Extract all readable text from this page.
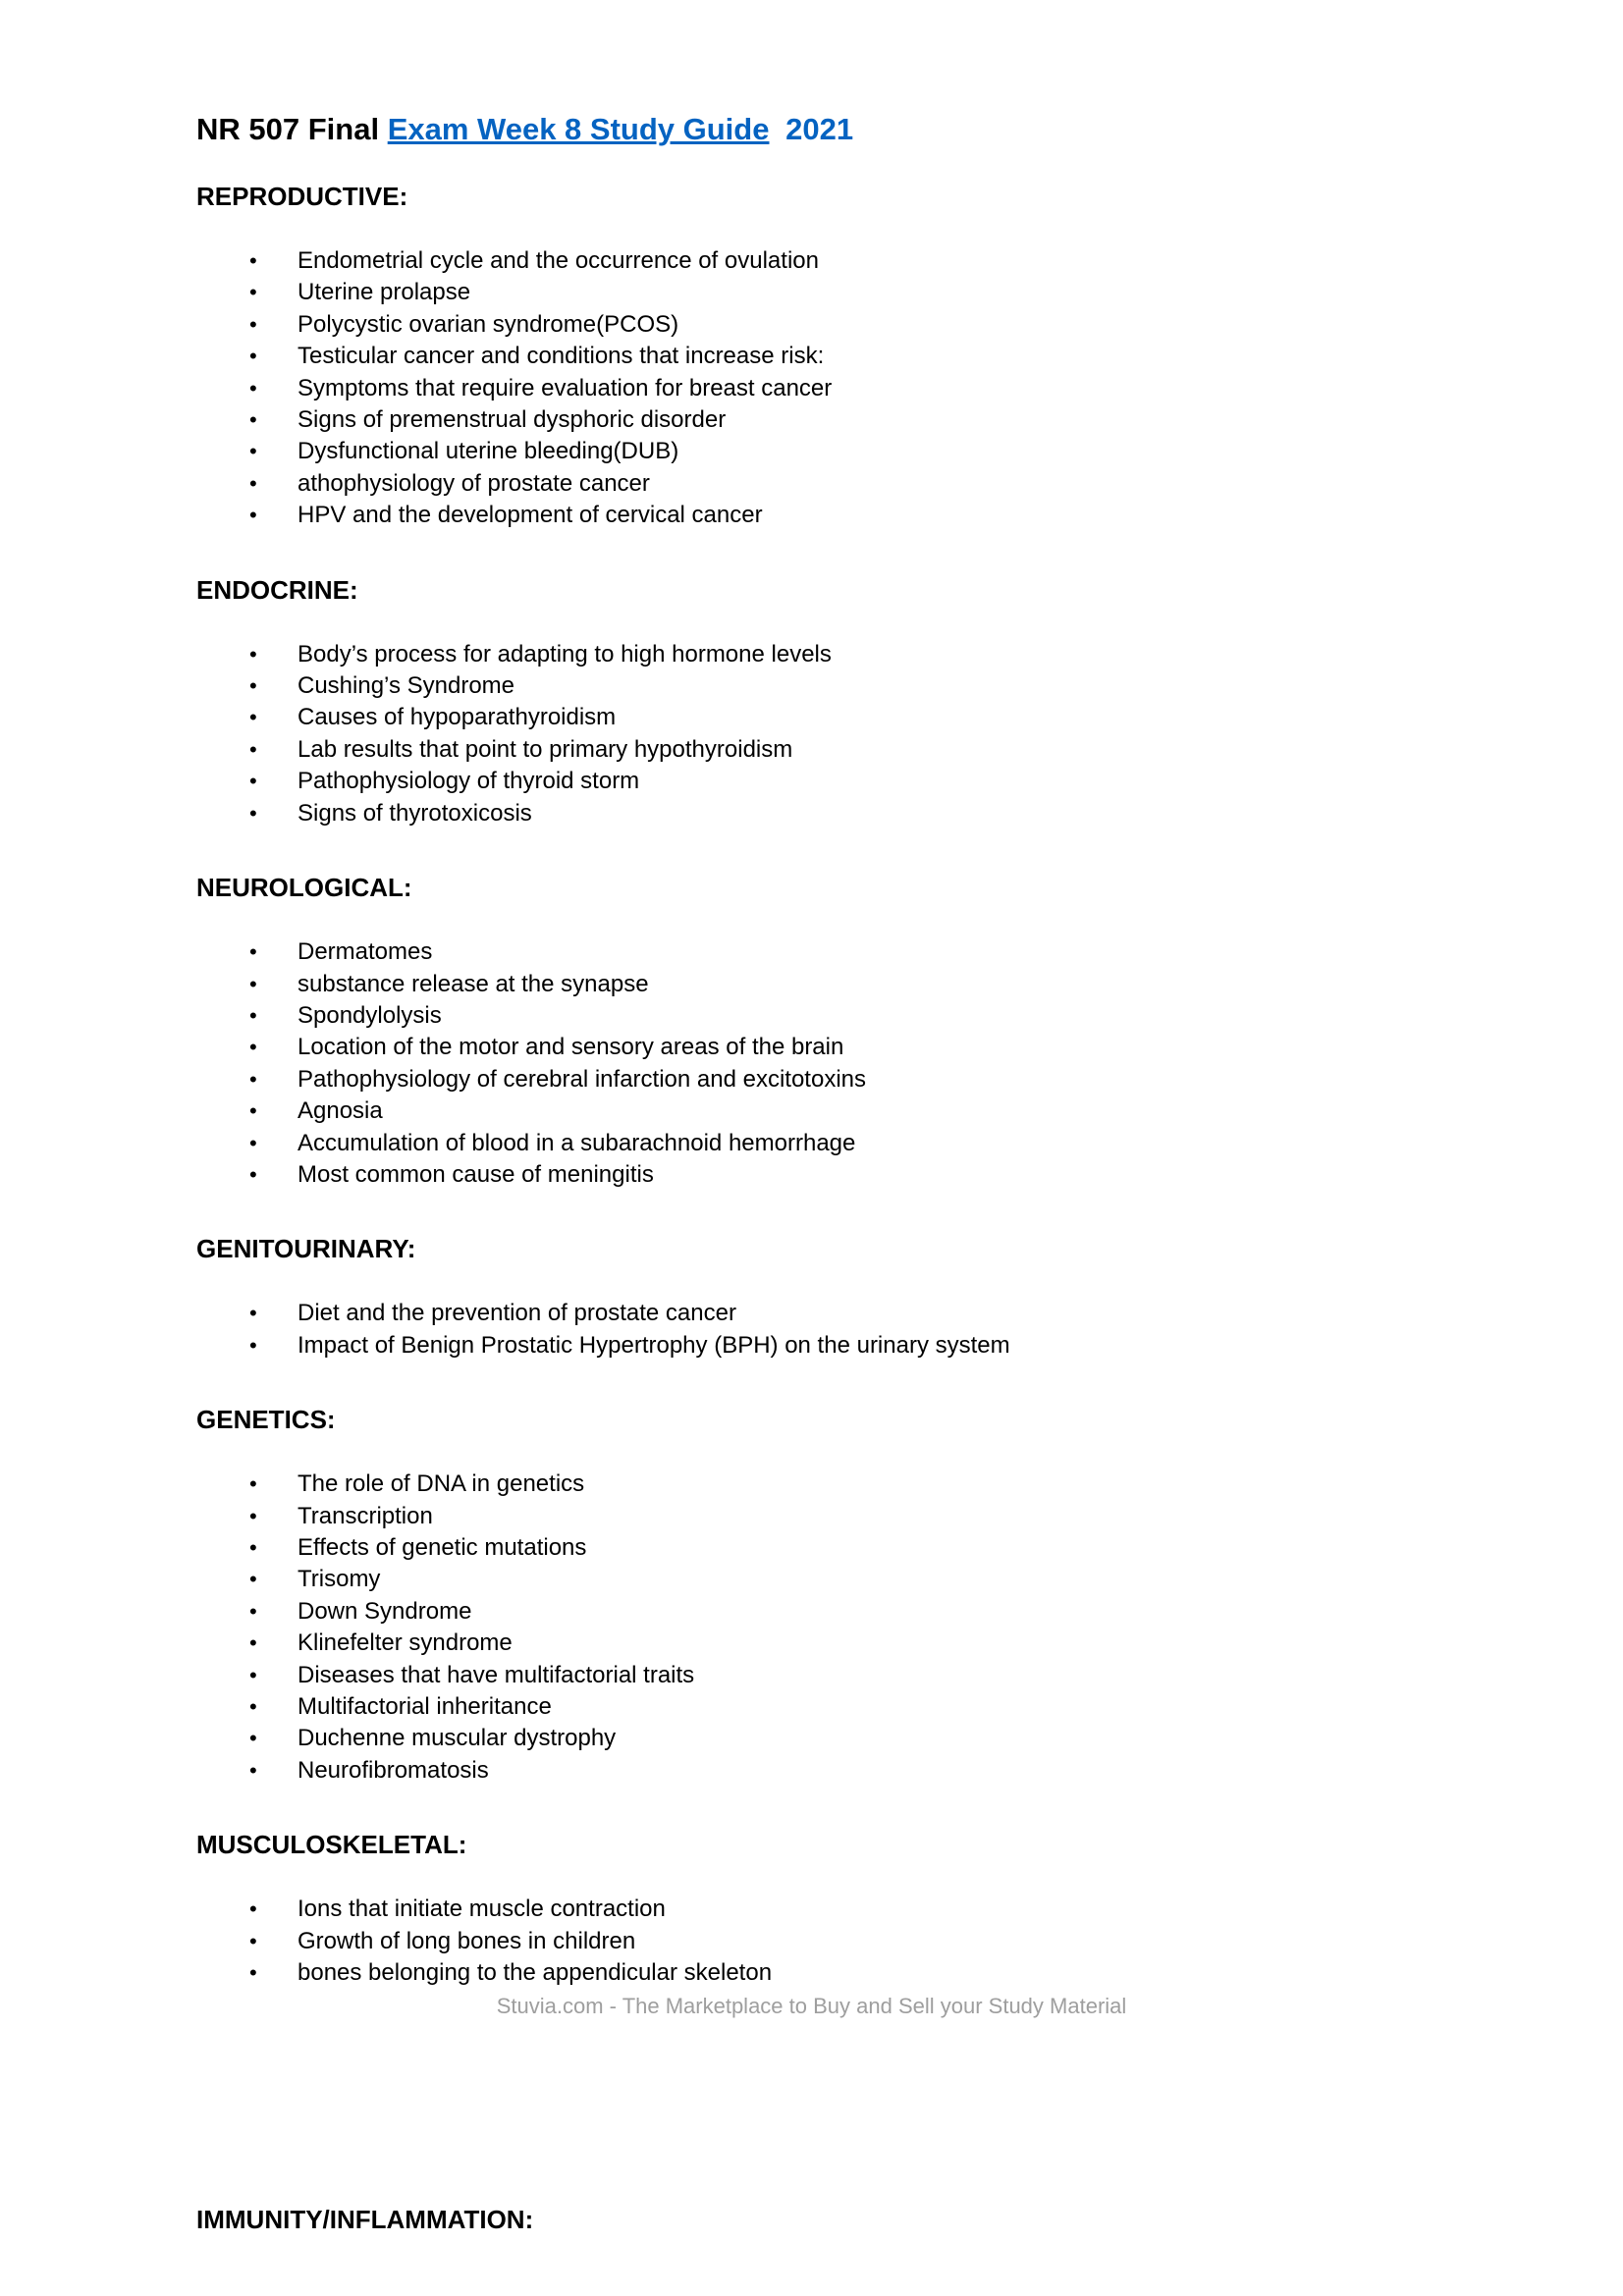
NR 507 Final Exam Week 8 Study Guide 2021
REPRODUCTIVE:
•
Endometrial cycle and the occurrence of ovulation
•
Uterine prolapse
•
Polycystic ovarian syndrome(PCOS)
•
Testicular cancer and conditions that increase risk:
•
Symptoms that require evaluation for breast cancer
•
Signs of premenstrual dysphoric disorder
•
Dysfunctional uterine bleeding(DUB)
•
athophysiology of prostate cancer
•
HPV and the development of cervical cancer
ENDOCRINE:
•
Body’s process for adapting to high hormone levels
•
Cushing’s Syndrome
•
Causes of hypoparathyroidism
•
Lab results that point to primary hypothyroidism
•
Pathophysiology of thyroid storm
•
Signs of thyrotoxicosis
NEUROLOGICAL:
•
Dermatomes
•
substance release at the synapse
•
Spondylolysis
•
Location of the motor and sensory areas of the brain
•
Pathophysiology of cerebral infarction and excitotoxins
•
Agnosia
•
Accumulation of blood in a subarachnoid hemorrhage
•
Most common cause of meningitis
GENITOURINARY:
•
Diet and the prevention of prostate cancer
•
Impact of Benign Prostatic Hypertrophy (BPH) on the urinary system
GENETICS:
•
The role of DNA in genetics
•
Transcription
•
Effects of genetic mutations
•
Trisomy
•
Down Syndrome
•
Klinefelter syndrome
•
Diseases that have multifactorial traits
•
Multifactorial inheritance
•
Duchenne muscular dystrophy
•
Neurofibromatosis
MUSCULOSKELETAL:
•
Ions that initiate muscle contraction
•
Growth of long bones in children
•
bones belonging to the appendicular skeleton
Stuvia.com - The Marketplace to Buy and Sell your Study Material
IMMUNITY/INFLAMMATION:
